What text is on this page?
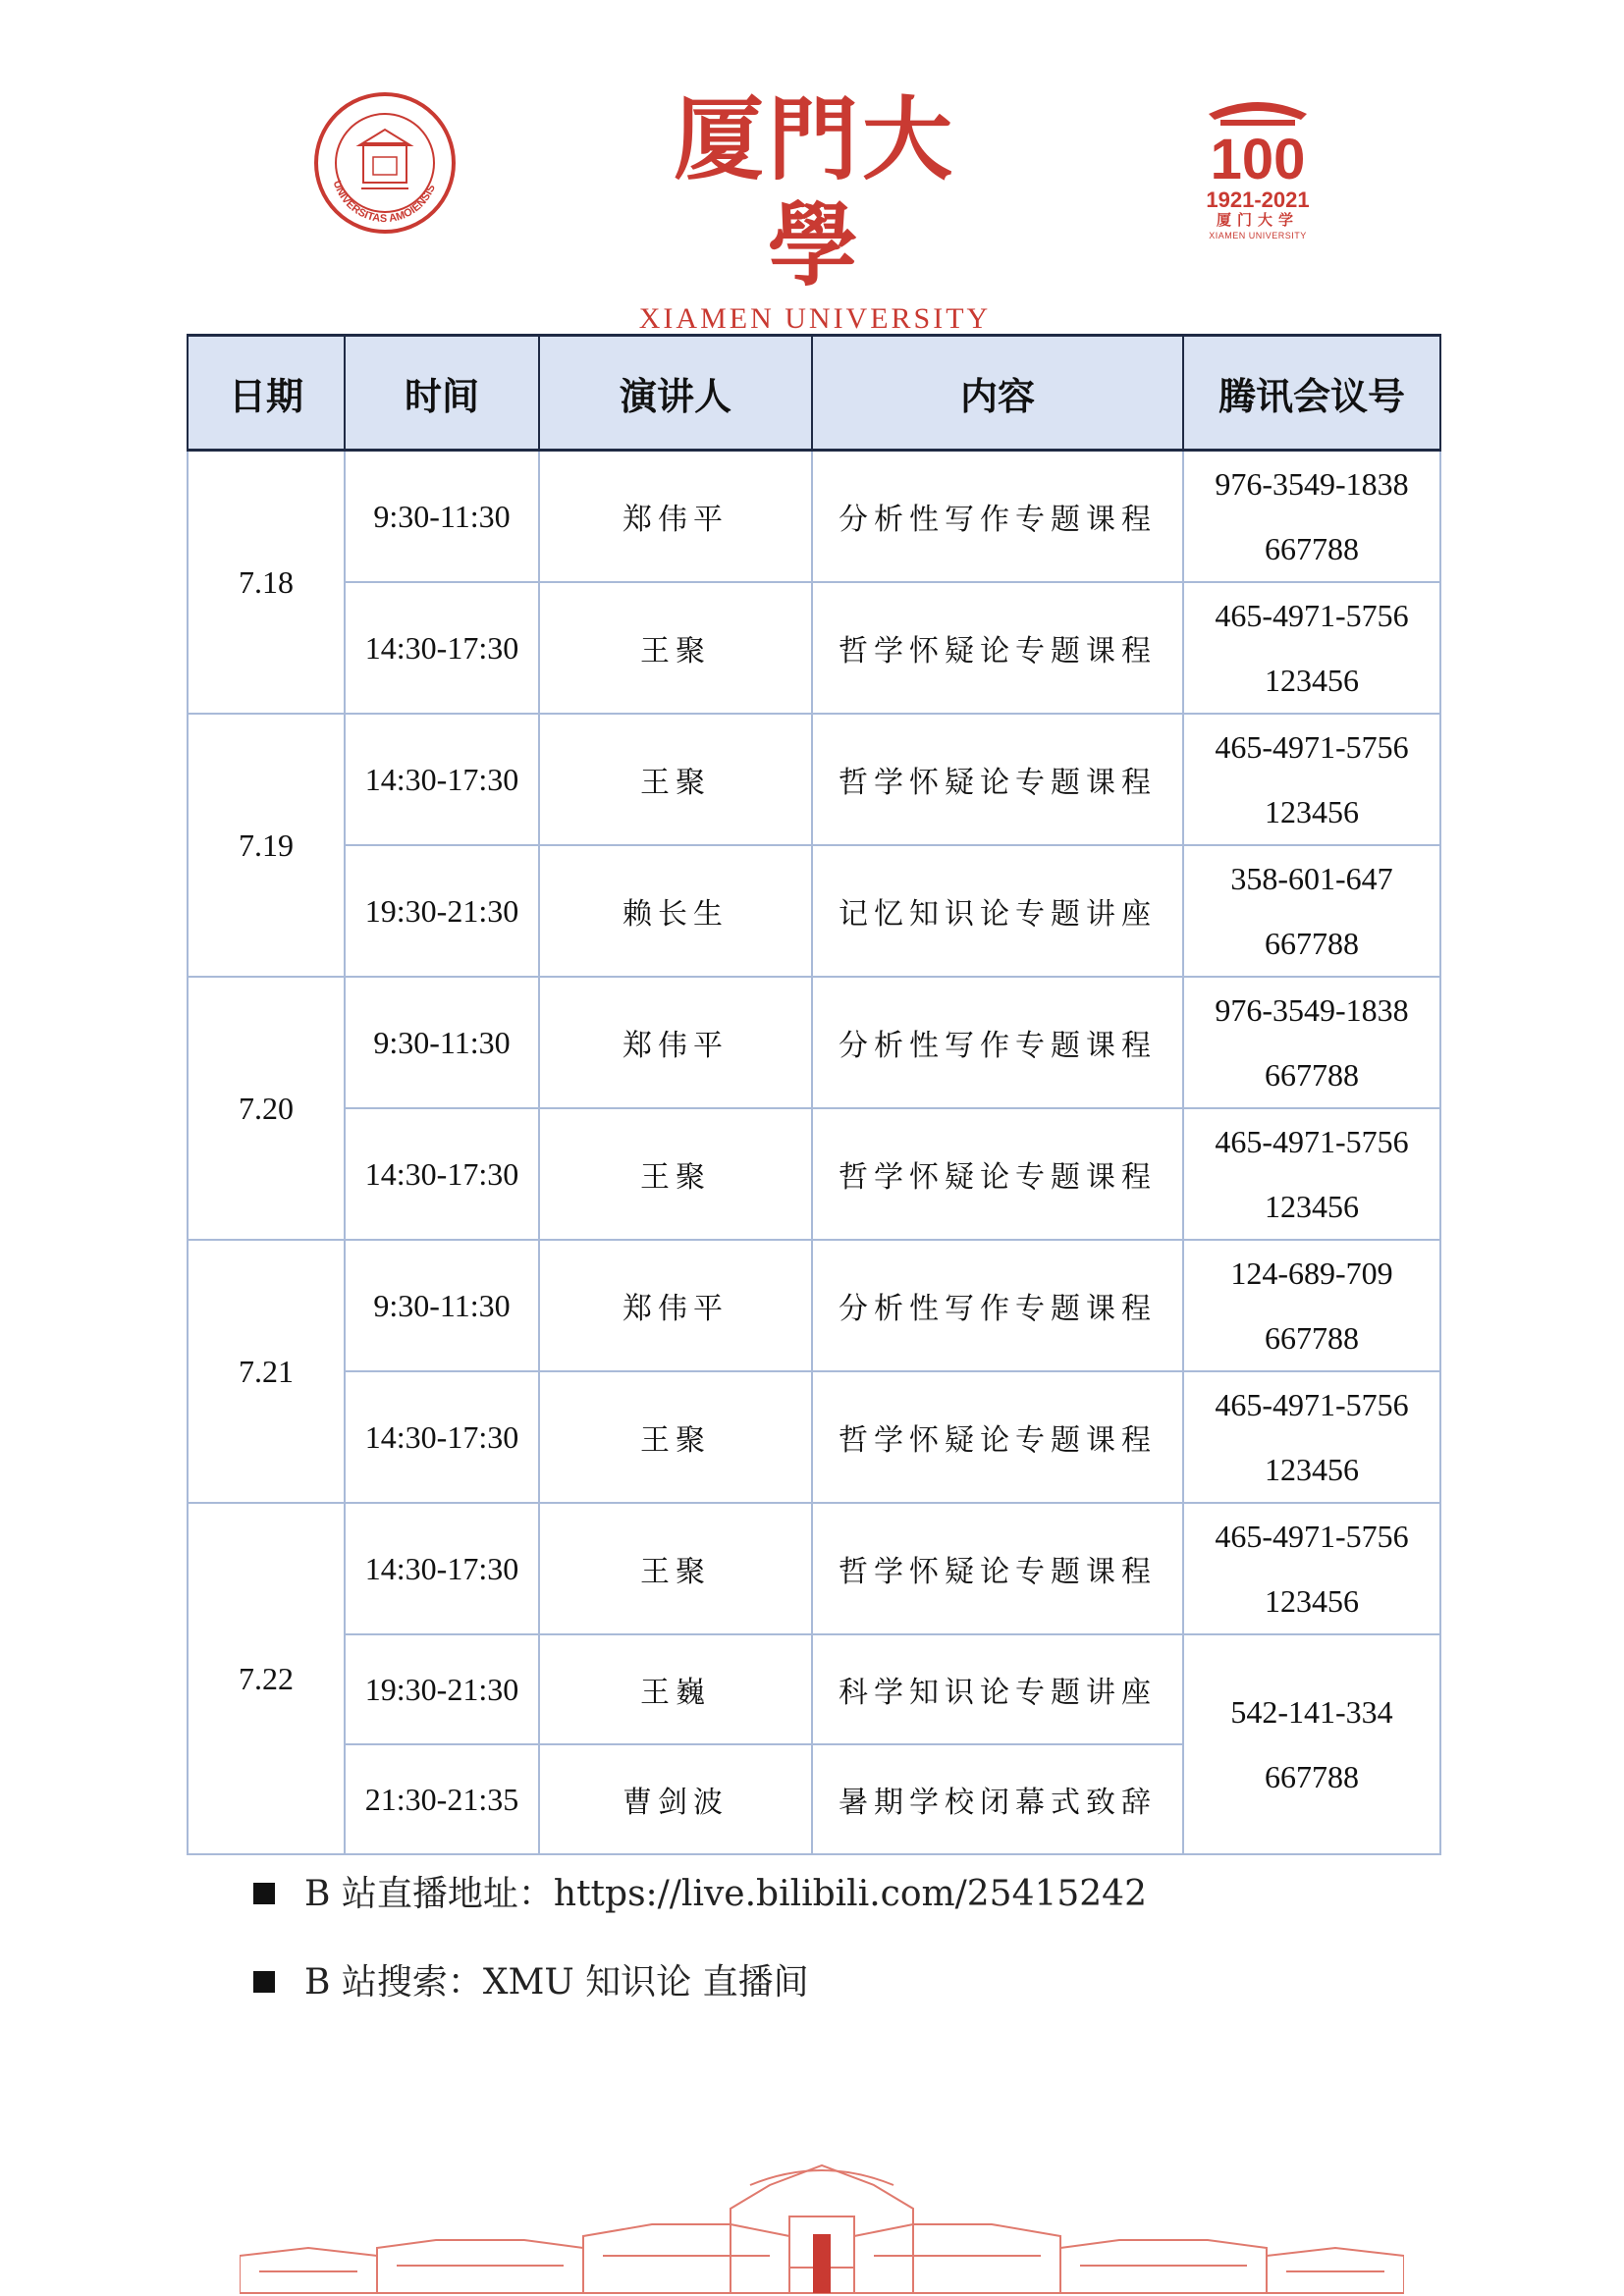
UNIVERSITAS AMOIENSIS	厦門大學
XIAMEN UNIVERSITY
100
1921-2021
厦门大学
XIAMEN UNIVERSITY
日期	时间	演讲人	内容	腾讯会议号
7.18	9:30-11:30	郑伟平	分析性写作专题课程	976-3549-1838
667788

	14:30-17:30	王聚	哲学怀疑论专题课程	465-4971-5756
123456

7.19	14:30-17:30	王聚	哲学怀疑论专题课程	465-4971-5756
123456

	19:30-21:30	赖长生	记忆知识论专题讲座	358-601-647
667788

7.20	9:30-11:30	郑伟平	分析性写作专题课程	976-3549-1838
667788

	14:30-17:30	王聚	哲学怀疑论专题课程	465-4971-5756
123456

7.21	9:30-11:30	郑伟平	分析性写作专题课程	124-689-709
667788

	14:30-17:30	王聚	哲学怀疑论专题课程	465-4971-5756
123456

7.22	14:30-17:30	王聚	哲学怀疑论专题课程	465-4971-5756
123456

	19:30-21:30	王巍	科学知识论专题讲座	542-141-334
667788

	21:30-21:35	曹剑波	暑期学校闭幕式致辞	
B 站直播地址：https://live.bilibili.com/25415242
B 站搜索：XMU 知识论 直播间
